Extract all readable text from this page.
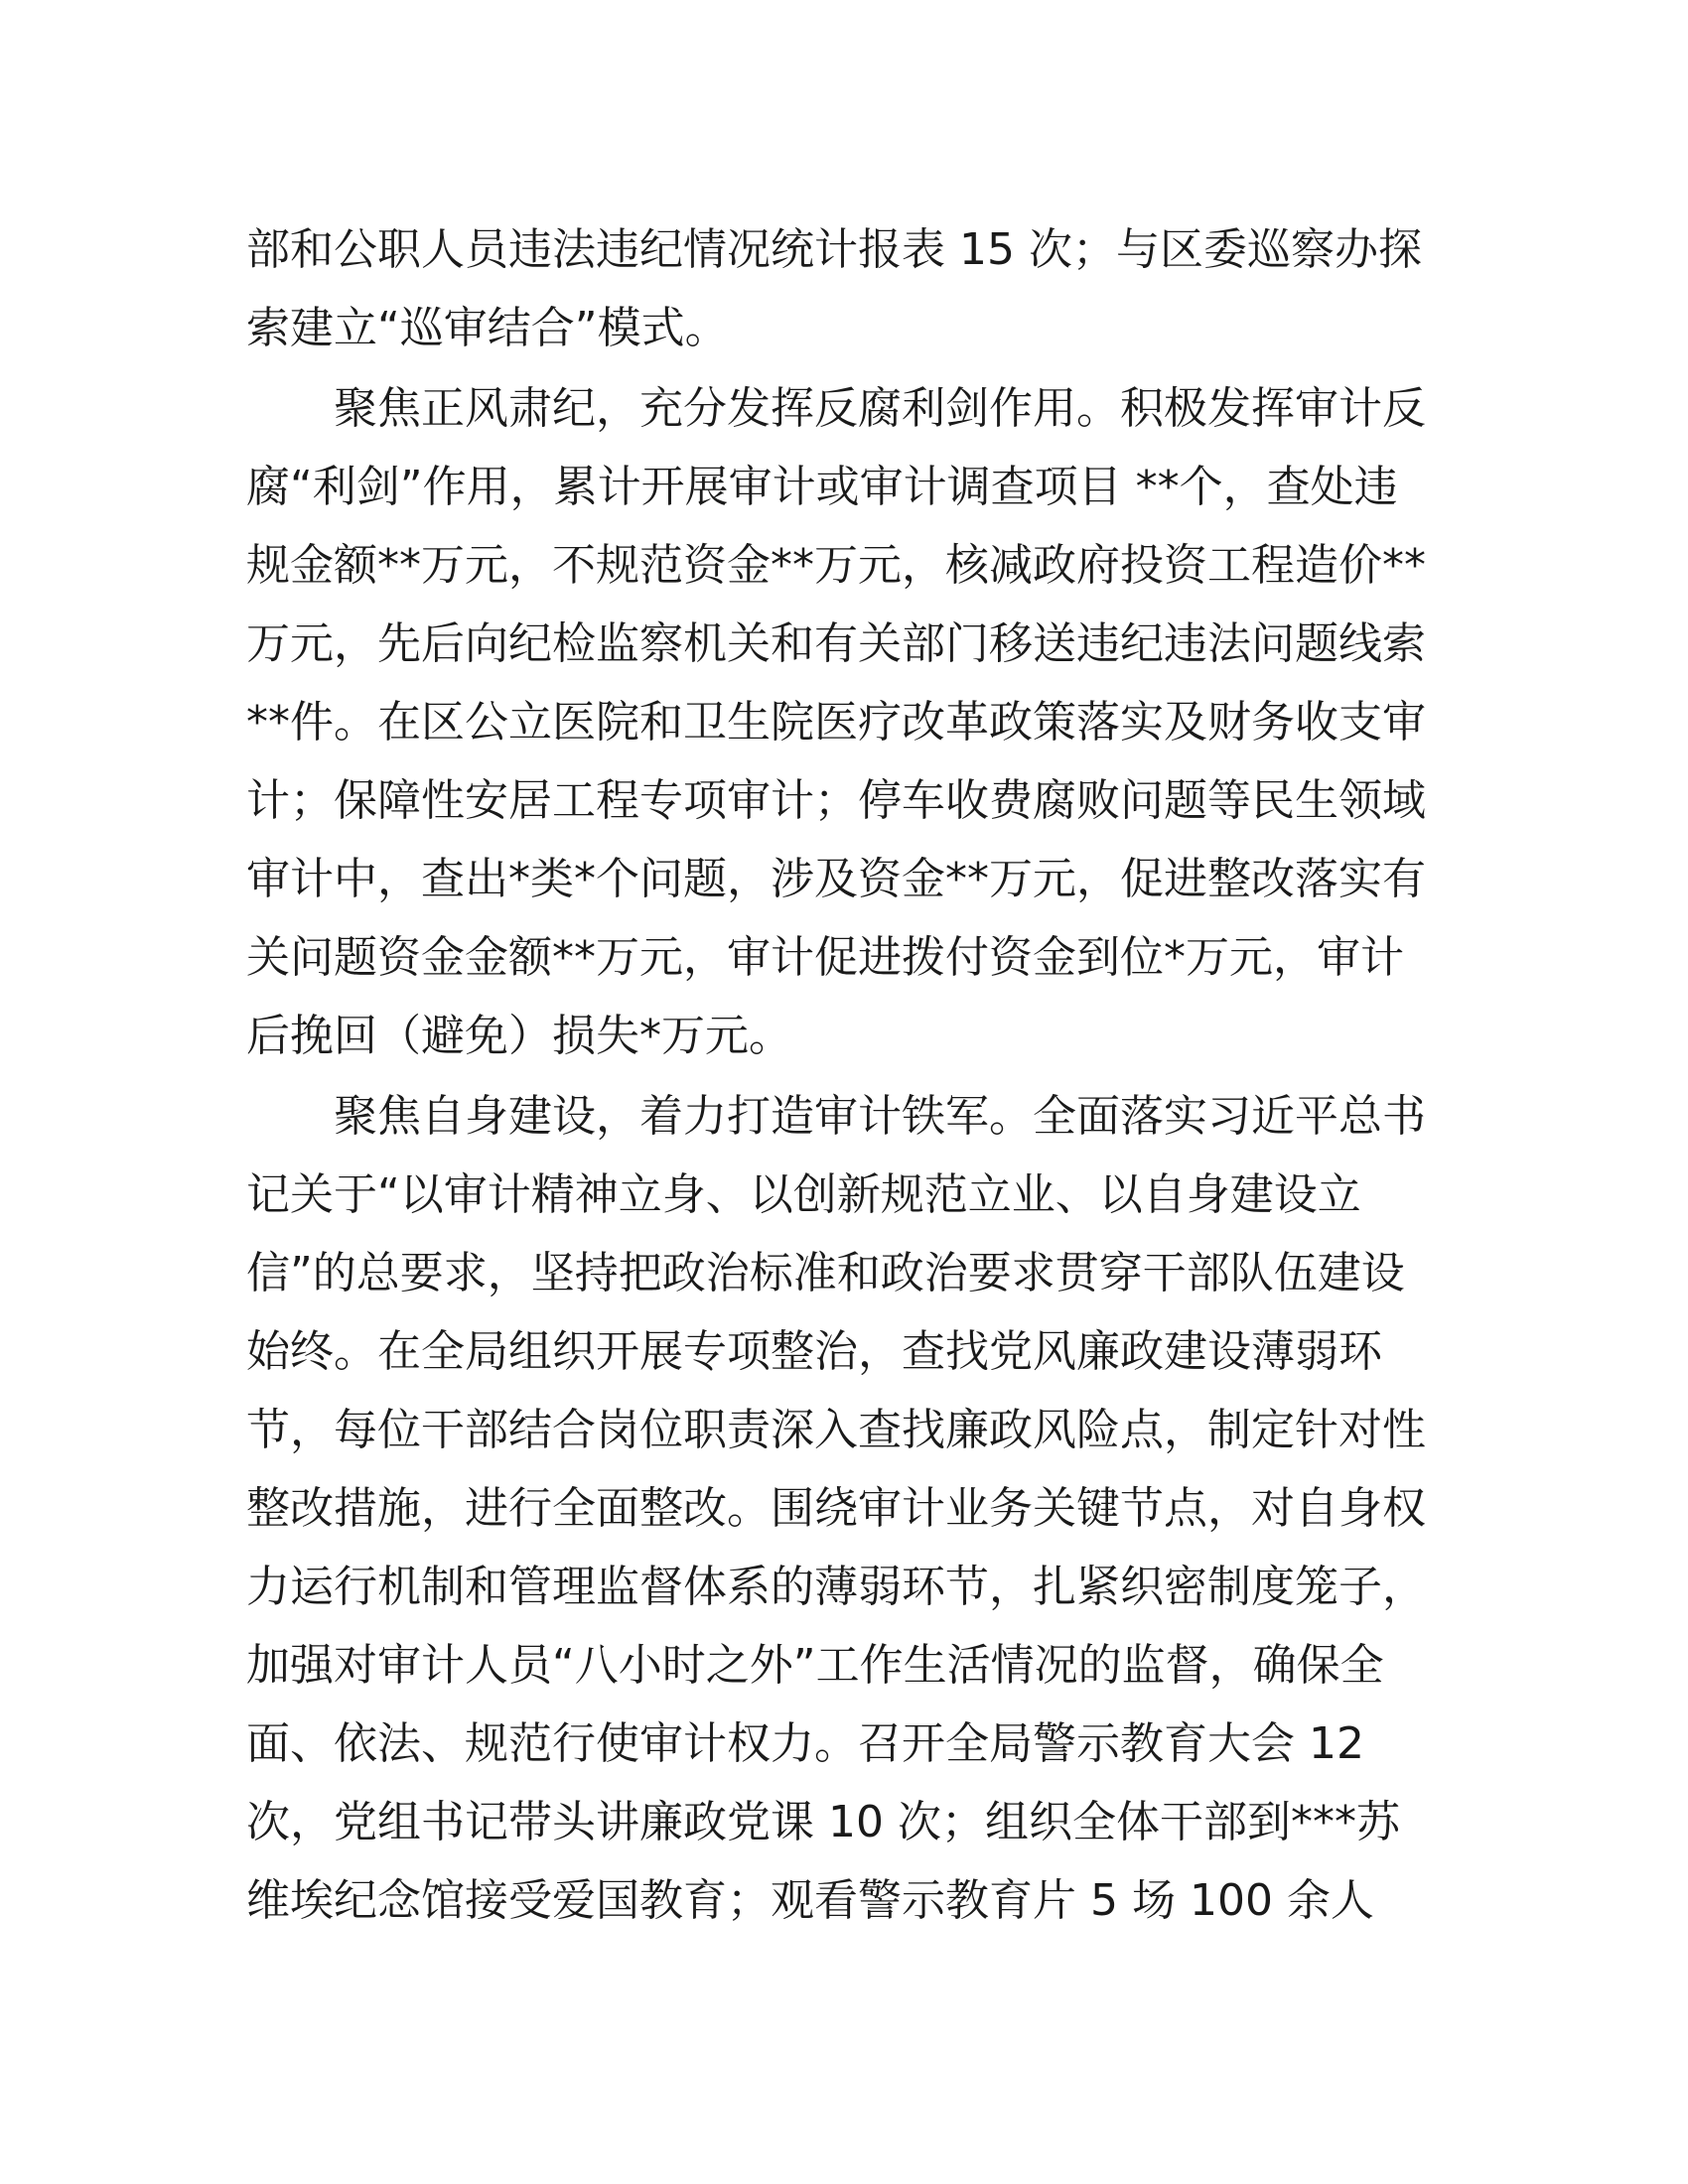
部和公职人员违法违纪情况统计报表 15 次；与区委巡察办探
索建立“巡审结合”模式。

聚焦正风肃纪，充分发挥反腐利剑作用。积极发挥审计反
腐“利剑”作用，累计开展审计或审计调查项目 **个，查处违
规金额**万元，不规范资金**万元，核减政府投资工程造价**
万元，先后向纪检监察机关和有关部门移送违纪违法问题线索
**件。在区公立医院和卫生院医疗改革政策落实及财务收支审
计；保障性安居工程专项审计；停车收费腐败问题等民生领域
审计中，查出*类*个问题，涉及资金**万元，促进整改落实有
关问题资金金额**万元，审计促进拨付资金到位*万元，审计
后挽回（避免）损失*万元。

聚焦自身建设，着力打造审计铁军。全面落实习近平总书
记关于“以审计精神立身、以创新规范立业、以自身建设立
信”的总要求，坚持把政治标准和政治要求贯穿干部队伍建设
始终。在全局组织开展专项整治，查找党风廉政建设薄弱环
节，每位干部结合岗位职责深入查找廉政风险点，制定针对性
整改措施，进行全面整改。围绕审计业务关键节点，对自身权
力运行机制和管理监督体系的薄弱环节，扎紧织密制度笼子，
加强对审计人员“八小时之外”工作生活情况的监督，确保全
面、依法、规范行使审计权力。召开全局警示教育大会 12
次，党组书记带头讲廉政党课 10 次；组织全体干部到***苏
维埃纪念馆接受爱国教育；观看警示教育片 5 场 100 余人
